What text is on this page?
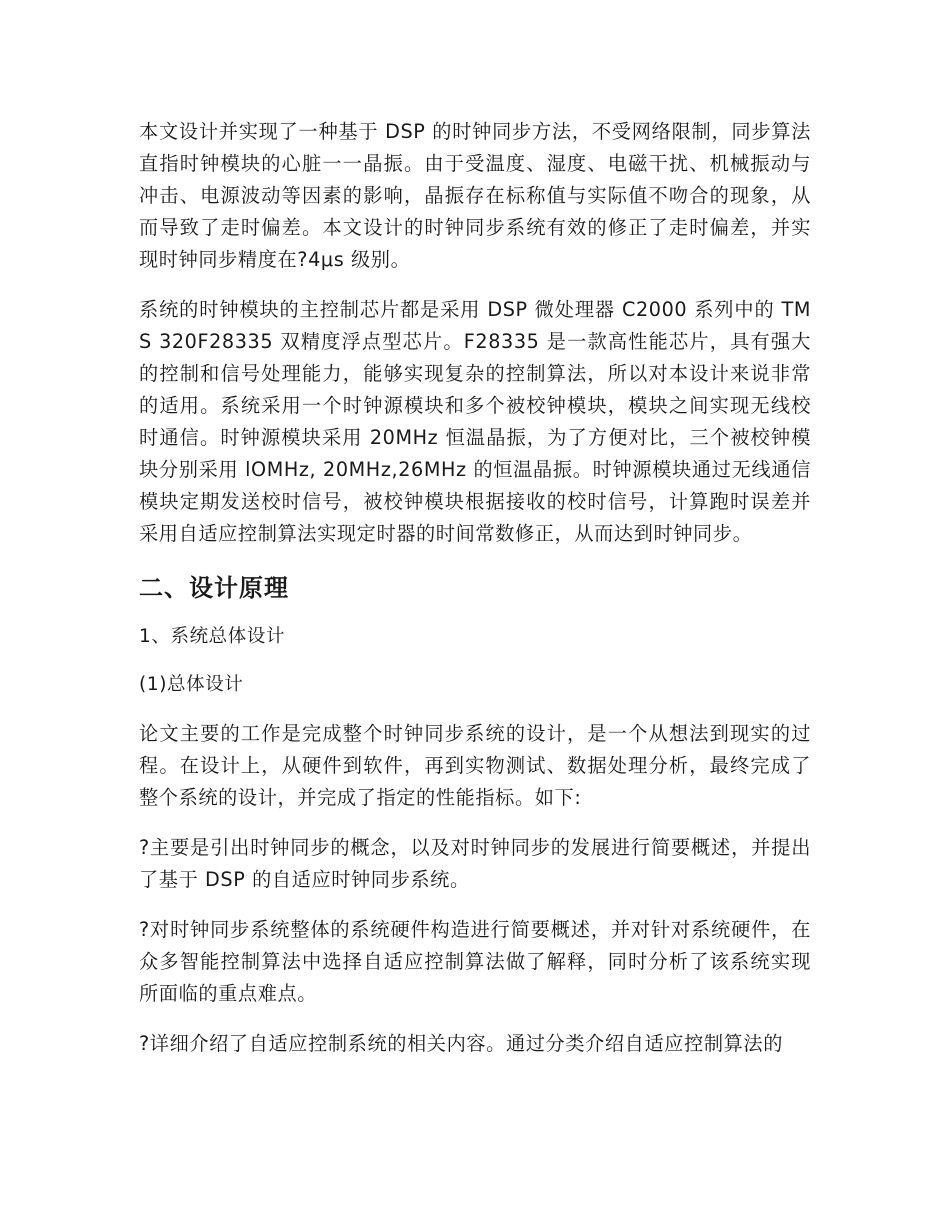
本文设计并实现了一种基于 DSP 的时钟同步方法，不受网络限制，同步算法直指时钟模块的心脏一一晶振。由于受温度、湿度、电磁干扰、机械振动与冲击、电源波动等因素的影响，晶振存在标称值与实际值不吻合的现象，从而导致了走时偏差。本文设计的时钟同步系统有效的修正了走时偏差，并实现时钟同步精度在?4μs 级别。

系统的时钟模块的主控制芯片都是采用 DSP 微处理器 C2000 系列中的 TMS 320F28335 双精度浮点型芯片。F28335 是一款高性能芯片，具有强大的控制和信号处理能力，能够实现复杂的控制算法，所以对本设计来说非常的适用。系统采用一个时钟源模块和多个被校钟模块，模块之间实现无线校时通信。时钟源模块采用 20MHz 恒温晶振，为了方便对比，三个被校钟模块分别采用 lOMHz, 20MHz,26MHz 的恒温晶振。时钟源模块通过无线通信模块定期发送校时信号，被校钟模块根据接收的校时信号，计算跑时误差并采用自适应控制算法实现定时器的时间常数修正，从而达到时钟同步。

二、设计原理
1、系统总体设计
(1)总体设计

论文主要的工作是完成整个时钟同步系统的设计，是一个从想法到现实的过程。在设计上，从硬件到软件，再到实物测试、数据处理分析，最终完成了整个系统的设计，并完成了指定的性能指标。如下:

?主要是引出时钟同步的概念，以及对时钟同步的发展进行简要概述，并提出了基于 DSP 的自适应时钟同步系统。

?对时钟同步系统整体的系统硬件构造进行简要概述，并对针对系统硬件，在众多智能控制算法中选择自适应控制算法做了解释，同时分析了该系统实现所面临的重点难点。

?详细介绍了自适应控制系统的相关内容。通过分类介绍自适应控制算法的
